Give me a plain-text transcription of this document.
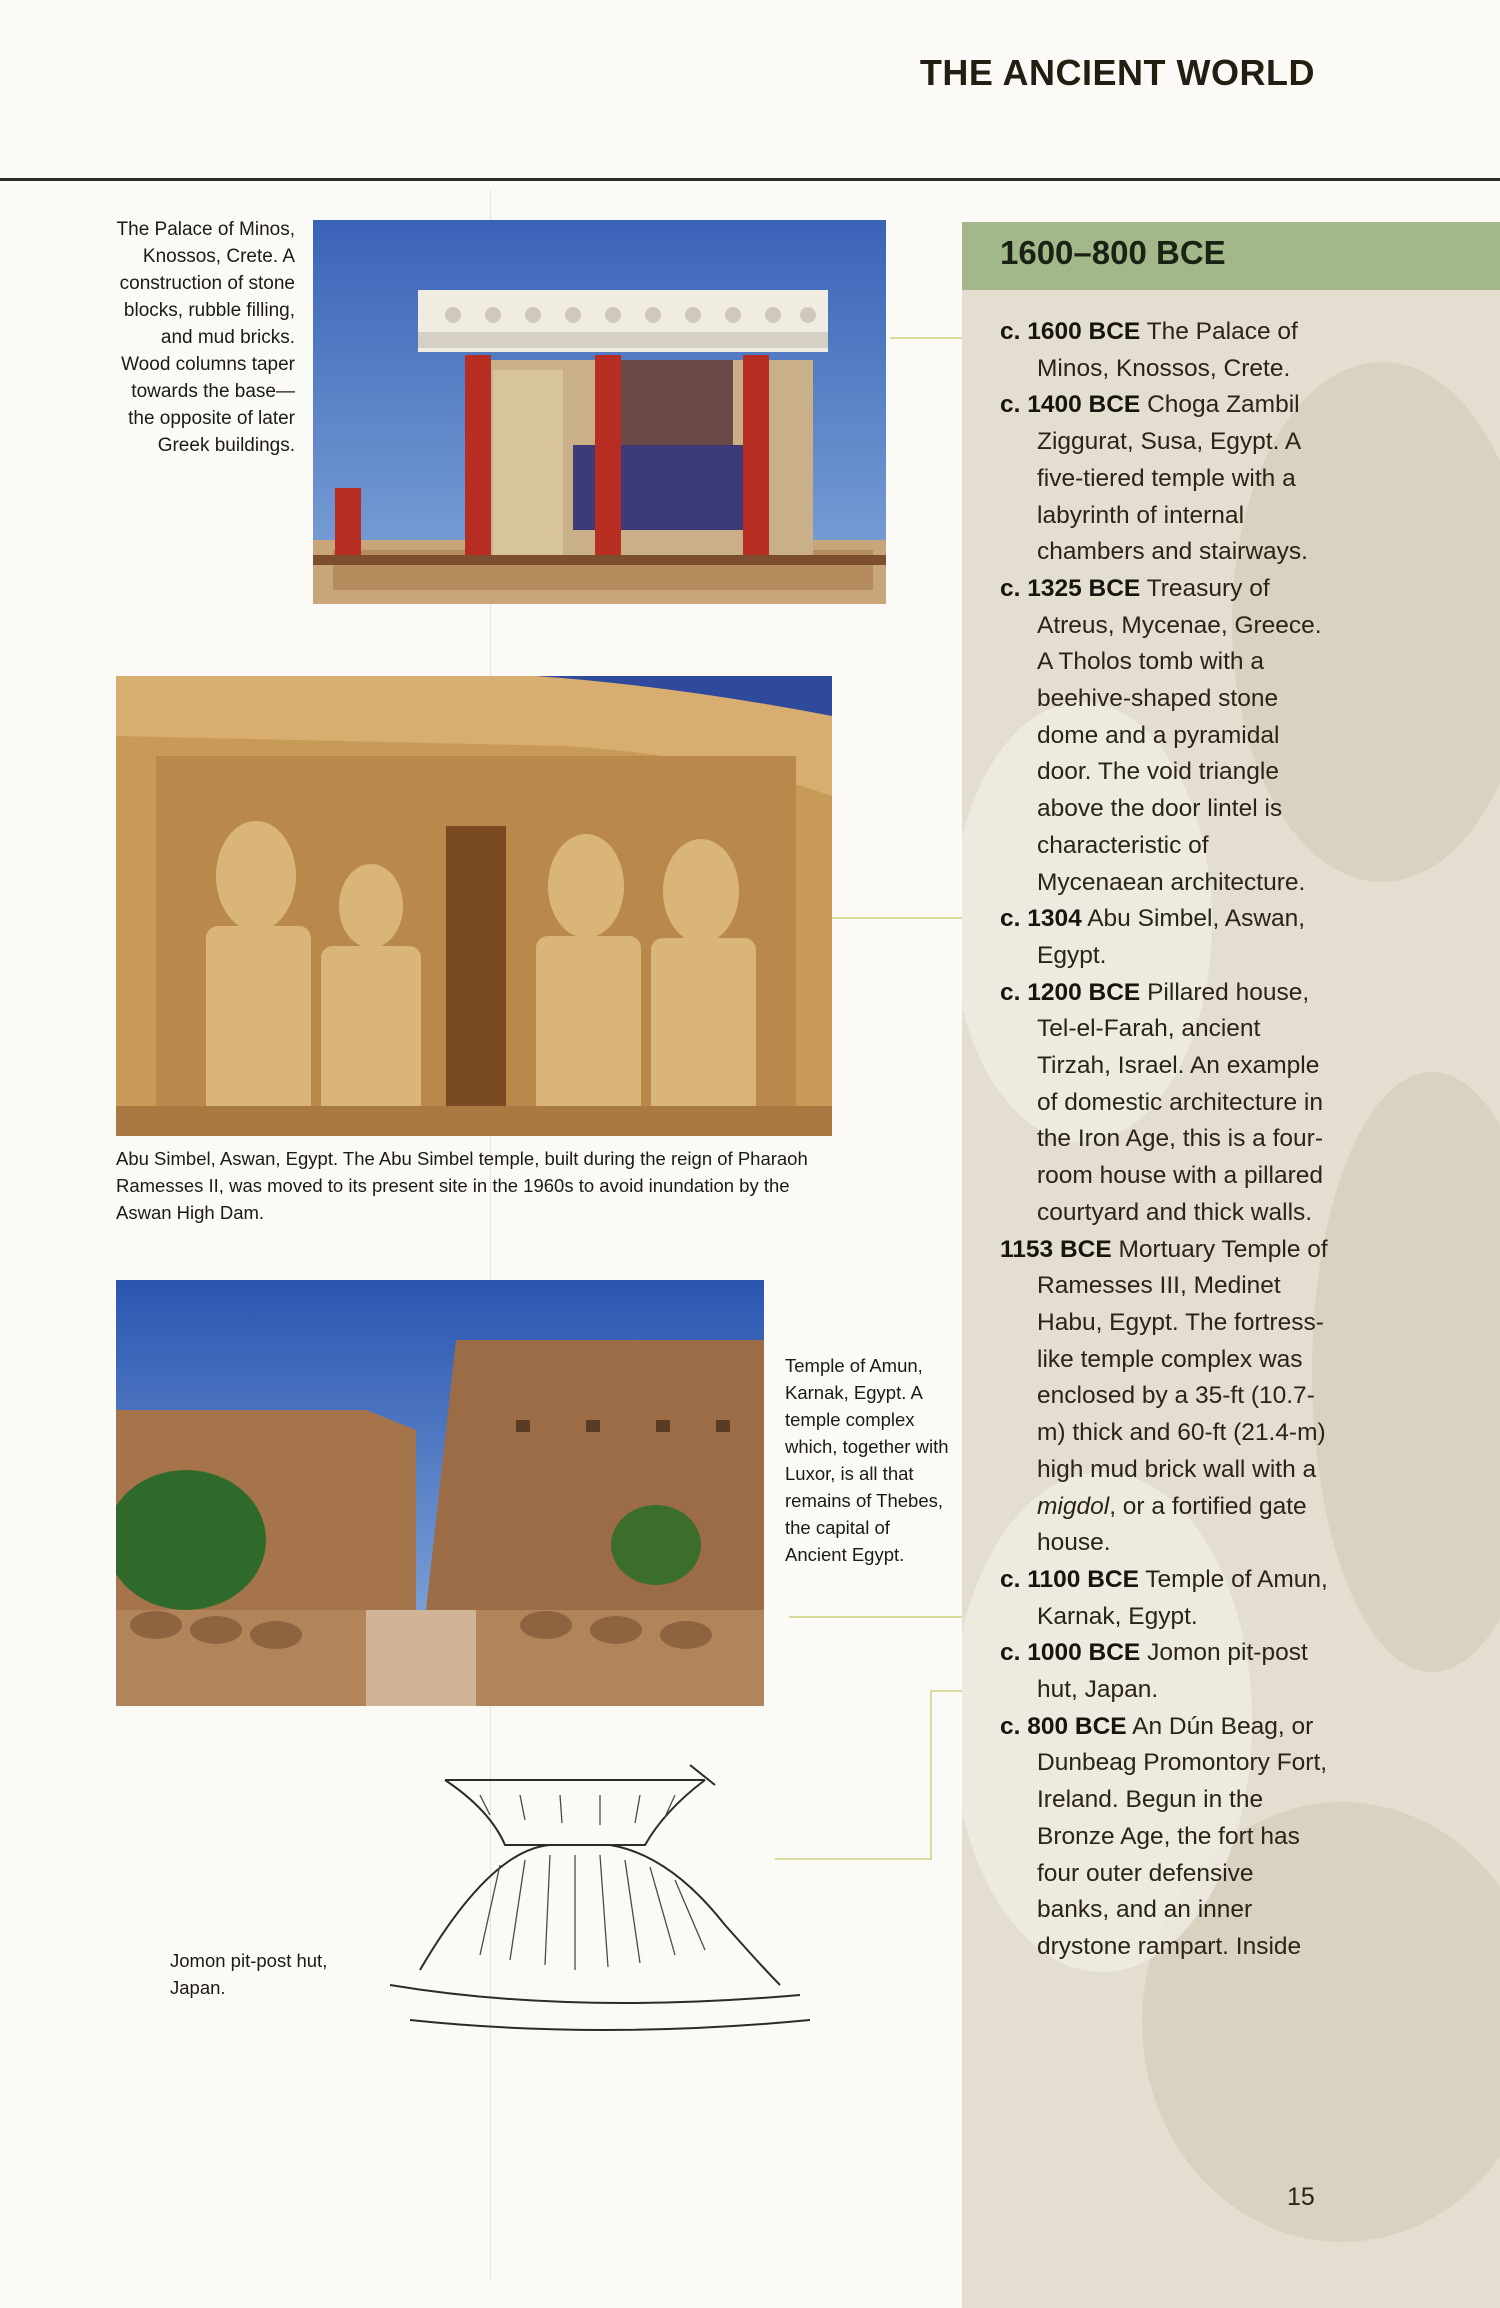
THE ANCIENT WORLD
The Palace of Minos, Knossos, Crete. A construction of stone blocks, rubble filling, and mud bricks. Wood columns taper towards the base—the opposite of later Greek buildings.
Abu Simbel, Aswan, Egypt. The Abu Simbel temple, built during the reign of Pharaoh Ramesses II, was moved to its present site in the 1960s to avoid inundation by the Aswan High Dam.
Temple of Amun, Karnak, Egypt. A temple complex which, together with Luxor, is all that remains of Thebes, the capital of Ancient Egypt.
Jomon pit-post hut, Japan.
1600–800 BCE
c. 1600 BCE The Palace of Minos, Knossos, Crete.
c. 1400 BCE Choga Zambil Ziggurat, Susa, Egypt. A five-tiered temple with a labyrinth of internal chambers and stairways.
c. 1325 BCE Treasury of Atreus, Mycenae, Greece. A Tholos tomb with a beehive-shaped stone dome and a pyramidal door. The void triangle above the door lintel is characteristic of Mycenaean architecture.
c. 1304 Abu Simbel, Aswan, Egypt.
c. 1200 BCE Pillared house, Tel-el-Farah, ancient Tirzah, Israel. An example of domestic architecture in the Iron Age, this is a four-room house with a pillared courtyard and thick walls.
1153 BCE Mortuary Temple of Ramesses III, Medinet Habu, Egypt. The fortress-like temple complex was enclosed by a 35-ft (10.7-m) thick and 60-ft (21.4-m) high mud brick wall with a migdol, or a fortified gate house.
c. 1100 BCE Temple of Amun, Karnak, Egypt.
c. 1000 BCE Jomon pit-post hut, Japan.
c. 800 BCE An Dún Beag, or Dunbeag Promontory Fort, Ireland. Begun in the Bronze Age, the fort has four outer defensive banks, and an inner drystone rampart. Inside
15
